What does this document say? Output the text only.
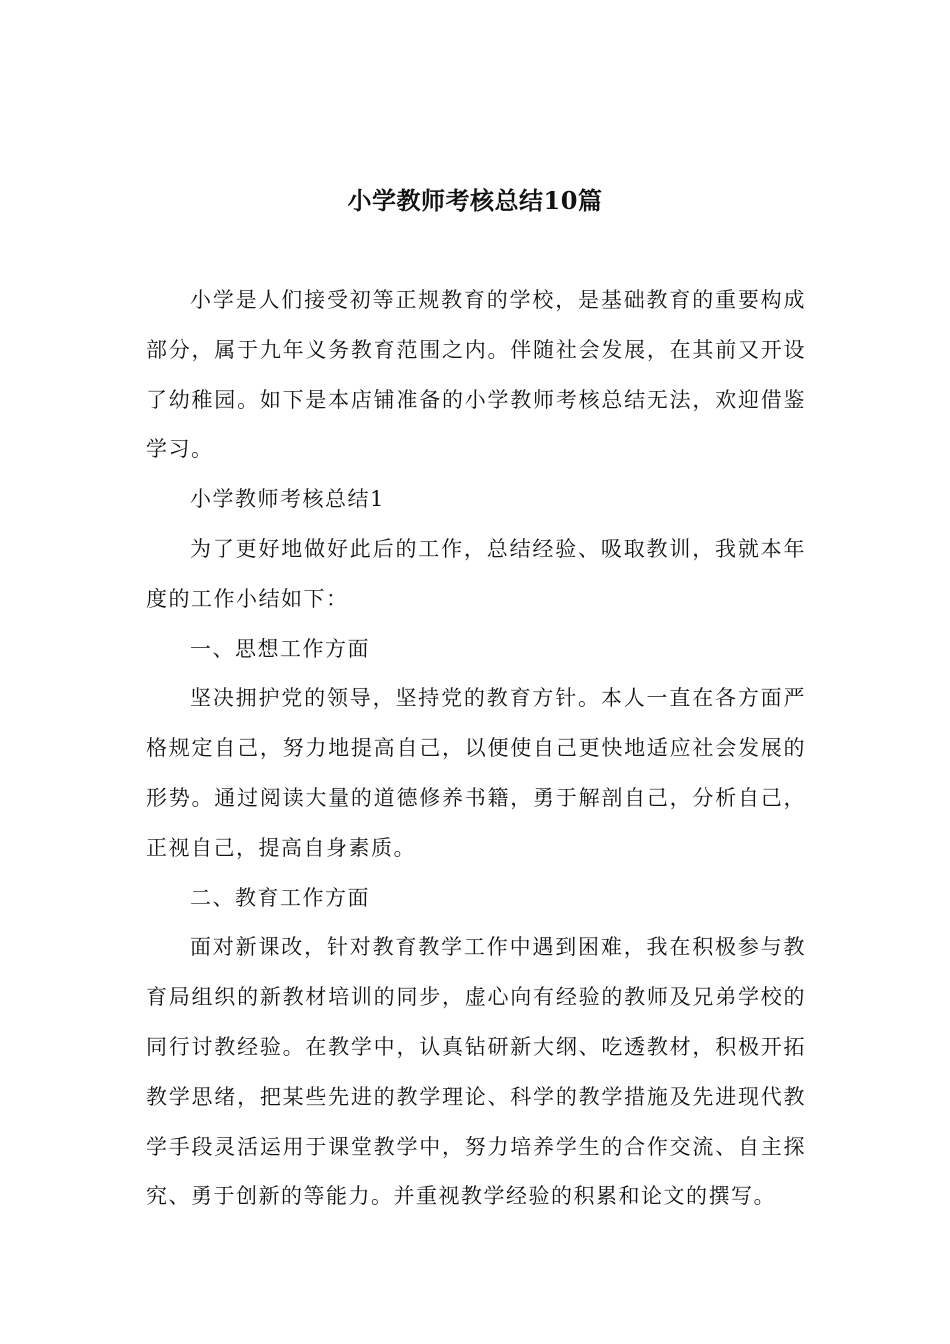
小学教师考核总结10篇

小学是人们接受初等正规教育的学校，是基础教育的重要构成部分，属于九年义务教育范围之内。伴随社会发展，在其前又开设了幼稚园。如下是本店铺准备的小学教师考核总结无法，欢迎借鉴学习。

小学教师考核总结1

为了更好地做好此后的工作，总结经验、吸取教训，我就本年度的工作小结如下：

一、思想工作方面

坚决拥护党的领导，坚持党的教育方针。本人一直在各方面严格规定自己，努力地提高自己，以便使自己更快地适应社会发展的形势。通过阅读大量的道德修养书籍，勇于解剖自己，分析自己，正视自己，提高自身素质。

二、教育工作方面

面对新课改，针对教育教学工作中遇到困难，我在积极参与教育局组织的新教材培训的同步，虚心向有经验的教师及兄弟学校的同行讨教经验。在教学中，认真钻研新大纲、吃透教材，积极开拓教学思绪，把某些先进的教学理论、科学的教学措施及先进现代教学手段灵活运用于课堂教学中，努力培养学生的合作交流、自主探究、勇于创新的等能力。并重视教学经验的积累和论文的撰写。
